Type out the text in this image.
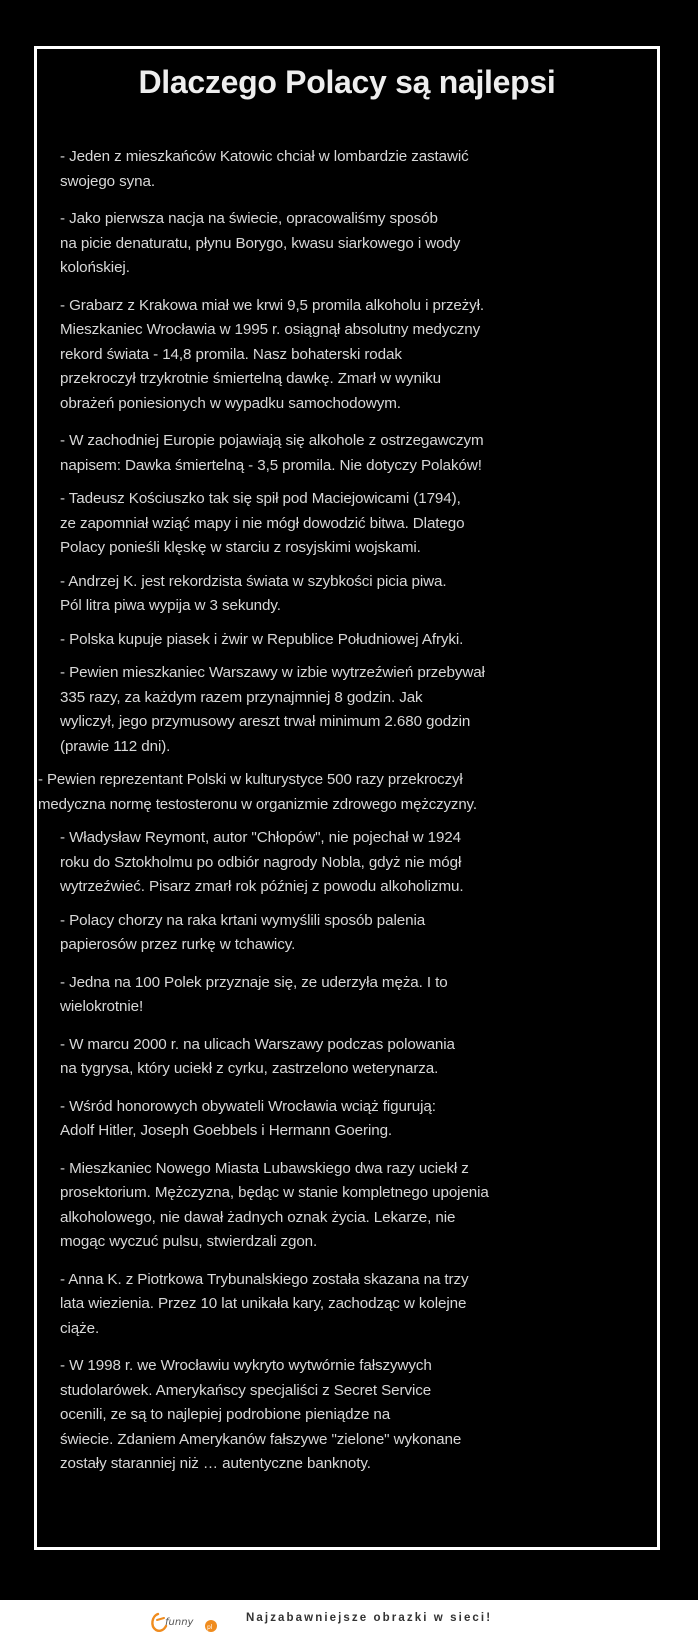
Dlaczego Polacy są najlepsi

- Jeden z mieszkańców Katowic chciał w lombardzie zastawić
swojego syna.

- Jako pierwsza nacja na świecie, opracowaliśmy sposób
na picie denaturatu, płynu Borygo, kwasu siarkowego i wody
kolońskiej.

- Grabarz z Krakowa miał we krwi 9,5 promila alkoholu i przeżył.
Mieszkaniec Wrocławia w 1995 r. osiągnął absolutny medyczny
rekord świata - 14,8 promila. Nasz bohaterski rodak
przekroczył trzykrotnie śmiertelną dawkę. Zmarł w wyniku
obrażeń poniesionych w wypadku samochodowym.

- W zachodniej Europie pojawiają się alkohole z ostrzegawczym
napisem: Dawka śmiertelną - 3,5 promila. Nie dotyczy Polaków!

- Tadeusz Kościuszko tak się spił pod Maciejowicami (1794),
ze zapomniał wziąć mapy i nie mógł dowodzić bitwa. Dlatego
Polacy ponieśli klęskę w starciu z rosyjskimi wojskami.

- Andrzej K. jest rekordzista świata w szybkości picia piwa.
Pól litra piwa wypija w 3 sekundy.

- Polska kupuje piasek i żwir w Republice Południowej Afryki.

- Pewien mieszkaniec Warszawy w izbie wytrzeźwień przebywał
335 razy, za każdym razem przynajmniej 8 godzin. Jak
wyliczył, jego przymusowy areszt trwał minimum 2.680 godzin
(prawie 112 dni).

- Pewien reprezentant Polski w kulturystyce 500 razy przekroczył
medyczna normę testosteronu w organizmie zdrowego mężczyzny.

- Władysław Reymont, autor "Chłopów", nie pojechał w 1924
roku do Sztokholmu po odbiór nagrody Nobla, gdyż nie mógł
wytrzeźwieć. Pisarz zmarł rok później z powodu alkoholizmu.

- Polacy chorzy na raka krtani wymyślili sposób palenia
papierosów przez rurkę w tchawicy.

- Jedna na 100 Polek przyznaje się, ze uderzyła męża. I to
wielokrotnie!

- W marcu 2000 r. na ulicach Warszawy podczas polowania
na tygrysa, który uciekł z cyrku, zastrzelono weterynarza.

- Wśród honorowych obywateli Wrocławia wciąż figurują:
Adolf Hitler, Joseph Goebbels i Hermann Goering.

- Mieszkaniec Nowego Miasta Lubawskiego dwa razy uciekł z
prosektorium. Mężczyzna, będąc w stanie kompletnego upojenia
alkoholowego, nie dawał żadnych oznak życia. Lekarze, nie
mogąc wyczuć pulsu, stwierdzali zgon.

- Anna K. z Piotrkowa Trybunalskiego została skazana na trzy
lata wiezienia. Przez 10 lat unikała kary, zachodząc w kolejne
ciąże.

- W 1998 r. we Wrocławiu wykryto wytwórnie fałszywych
studolarówek. Amerykańscy specjaliści z Secret Service
ocenili, ze są to najlepiej podrobione pieniądze na
świecie. Zdaniem Amerykanów fałszywe "zielone" wykonane
zostały staranniej niż … autentyczne banknoty.

funny pl
Najzabawniejsze obrazki w sieci!
